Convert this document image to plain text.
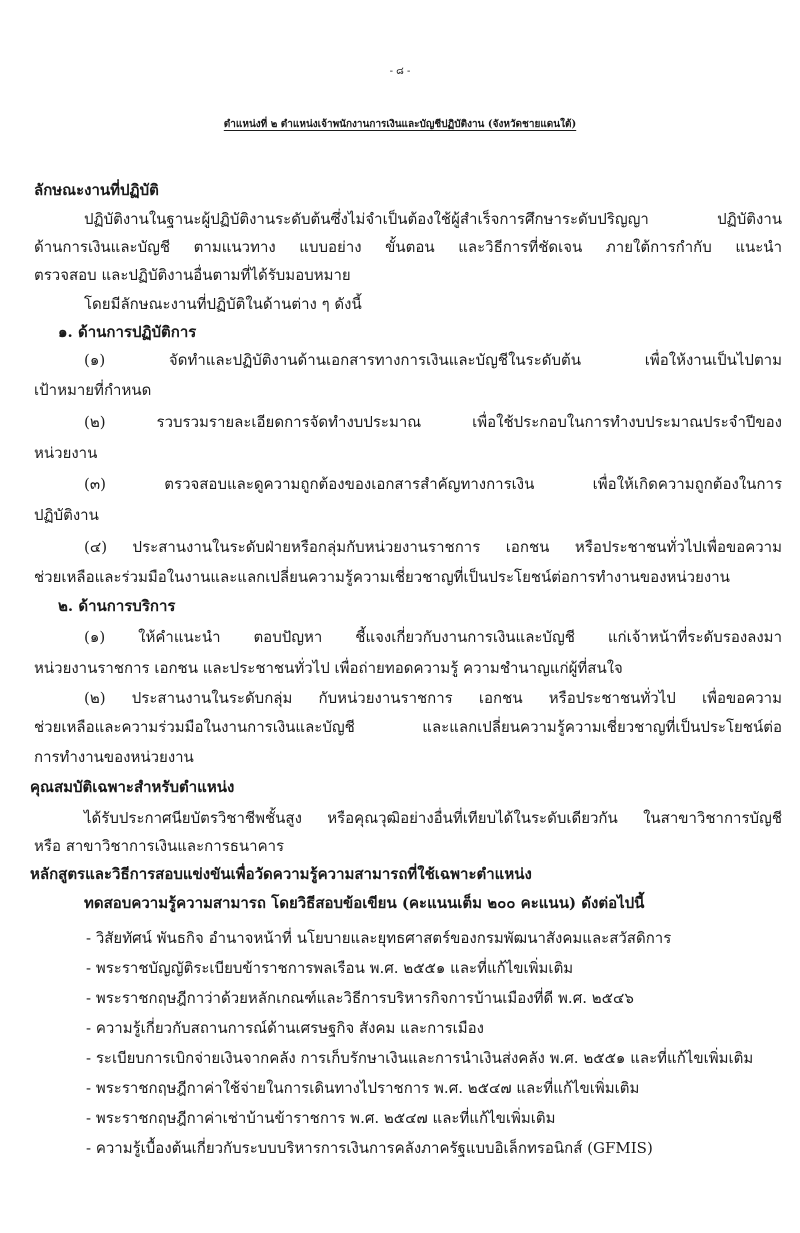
- ๘ -
ตำแหน่งที่ ๒ ตำแหน่งเจ้าพนักงานการเงินและบัญชีปฏิบัติงาน (จังหวัดชายแดนใต้)
ลักษณะงานที่ปฏิบัติ
ปฏิบัติงานในฐานะผู้ปฏิบัติงานระดับต้นซึ่งไม่จำเป็นต้องใช้ผู้สำเร็จการศึกษาระดับปริญญา ปฏิบัติงาน
ด้านการเงินและบัญชี ตามแนวทาง แบบอย่าง ขั้นตอน และวิธีการที่ชัดเจน ภายใต้การกำกับ แนะนำ
ตรวจสอบ และปฏิบัติงานอื่นตามที่ได้รับมอบหมาย
โดยมีลักษณะงานที่ปฏิบัติในด้านต่าง ๆ ดังนี้
๑. ด้านการปฏิบัติการ
(๑) จัดทำและปฏิบัติงานด้านเอกสารทางการเงินและบัญชีในระดับต้น เพื่อให้งานเป็นไปตาม
เป้าหมายที่กำหนด
(๒) รวบรวมรายละเอียดการจัดทำงบประมาณ เพื่อใช้ประกอบในการทำงบประมาณประจำปีของ
หน่วยงาน
(๓) ตรวจสอบและดูความถูกต้องของเอกสารสำคัญทางการเงิน เพื่อให้เกิดความถูกต้องในการ
ปฏิบัติงาน
(๔) ประสานงานในระดับฝ่ายหรือกลุ่มกับหน่วยงานราชการ เอกชน หรือประชาชนทั่วไปเพื่อขอความ
ช่วยเหลือและร่วมมือในงานและแลกเปลี่ยนความรู้ความเชี่ยวชาญที่เป็นประโยชน์ต่อการทำงานของหน่วยงาน
๒. ด้านการบริการ
(๑) ให้คำแนะนำ ตอบปัญหา ชี้แจงเกี่ยวกับงานการเงินและบัญชี แก่เจ้าหน้าที่ระดับรองลงมา
หน่วยงานราชการ เอกชน และประชาชนทั่วไป เพื่อถ่ายทอดความรู้ ความชำนาญแก่ผู้ที่สนใจ
(๒) ประสานงานในระดับกลุ่ม กับหน่วยงานราชการ เอกชน หรือประชาชนทั่วไป เพื่อขอความ
ช่วยเหลือและความร่วมมือในงานการเงินและบัญชี และแลกเปลี่ยนความรู้ความเชี่ยวชาญที่เป็นประโยชน์ต่อ
การทำงานของหน่วยงาน
คุณสมบัติเฉพาะสำหรับตำแหน่ง
ได้รับประกาศนียบัตรวิชาชีพชั้นสูง หรือคุณวุฒิอย่างอื่นที่เทียบได้ในระดับเดียวกัน ในสาขาวิชาการบัญชี
หรือ สาขาวิชาการเงินและการธนาคาร
หลักสูตรและวิธีการสอบแข่งขันเพื่อวัดความรู้ความสามารถที่ใช้เฉพาะตำแหน่ง
ทดสอบความรู้ความสามารถ โดยวิธีสอบข้อเขียน (คะแนนเต็ม ๒๐๐ คะแนน) ดังต่อไปนี้
- วิสัยทัศน์ พันธกิจ อำนาจหน้าที่ นโยบายและยุทธศาสตร์ของกรมพัฒนาสังคมและสวัสดิการ
- พระราชบัญญัติระเบียบข้าราชการพลเรือน พ.ศ. ๒๕๕๑ และที่แก้ไขเพิ่มเติม
- พระราชกฤษฎีกาว่าด้วยหลักเกณฑ์และวิธีการบริหารกิจการบ้านเมืองที่ดี พ.ศ. ๒๕๔๖
- ความรู้เกี่ยวกับสถานการณ์ด้านเศรษฐกิจ สังคม และการเมือง
- ระเบียบการเบิกจ่ายเงินจากคลัง การเก็บรักษาเงินและการนำเงินส่งคลัง พ.ศ. ๒๕๕๑ และที่แก้ไขเพิ่มเติม
- พระราชกฤษฎีกาค่าใช้จ่ายในการเดินทางไปราชการ พ.ศ. ๒๕๔๗ และที่แก้ไขเพิ่มเติม
- พระราชกฤษฎีกาค่าเช่าบ้านข้าราชการ พ.ศ. ๒๕๔๗ และที่แก้ไขเพิ่มเติม
- ความรู้เบื้องต้นเกี่ยวกับระบบบริหารการเงินการคลังภาครัฐแบบอิเล็กทรอนิกส์ (GFMIS)
